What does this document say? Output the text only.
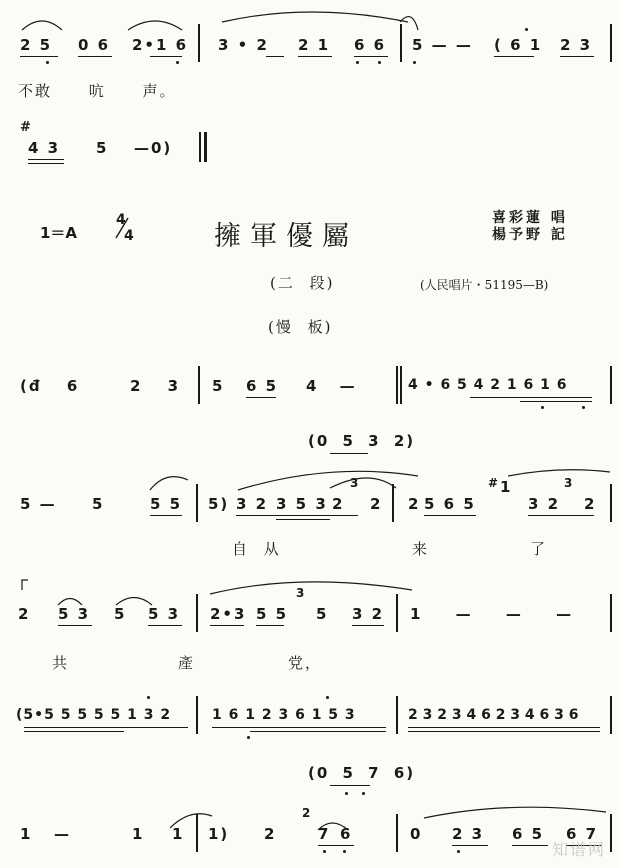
2 5 0 6 2•1 6 3 • 2 2 1 6 6 5 — — ( 6 1 2 3
不敢 吭 声。
#
4 3 5 —0)
1＝A
4
4	擁軍優屬
喜彩蓮 唱
楊予野 記
(二 段)	(人民唱片・51195—B)
(慢 板)
(đ 6	2 3 5 6 5 4 —	4 • 6 5 4 2 1 6 1 6
(0 5 3 2)
5 — 5	5 5 5) 3 2 3 5 3 2
3
2 2 5 6 5
# 1
3 2
3
2
自 从	来	了
2 5 3 5 5 3 2•3 5 5
3
5 3 2 1 — — —
共	產	党，
(5•5 5 5 5 5 1 3 2	1 6 1 2 3 6 1 5 3	2 3 2 3 4 6 2 3 4 6 3 6
(0 5 7 6)
1 —	1 1 1) 2
2
7 6	0 2 3 6 5 6 7
知谱网
